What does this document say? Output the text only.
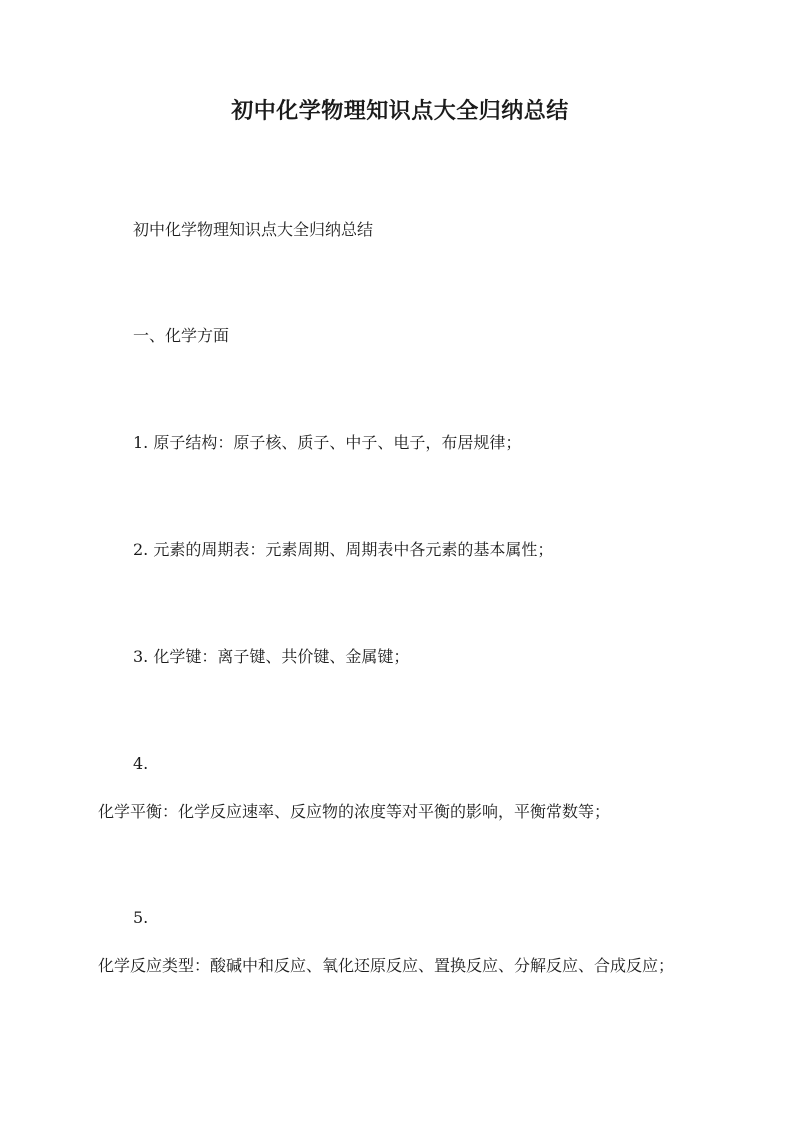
初中化学物理知识点大全归纳总结
初中化学物理知识点大全归纳总结
一、化学方面
1. 原子结构：原子核、质子、中子、电子，布居规律；
2. 元素的周期表：元素周期、周期表中各元素的基本属性；
3. 化学键：离子键、共价键、金属键；
4.
化学平衡：化学反应速率、反应物的浓度等对平衡的影响，平衡常数等；
5.
化学反应类型：酸碱中和反应、氧化还原反应、置换反应、分解反应、合成反应；
